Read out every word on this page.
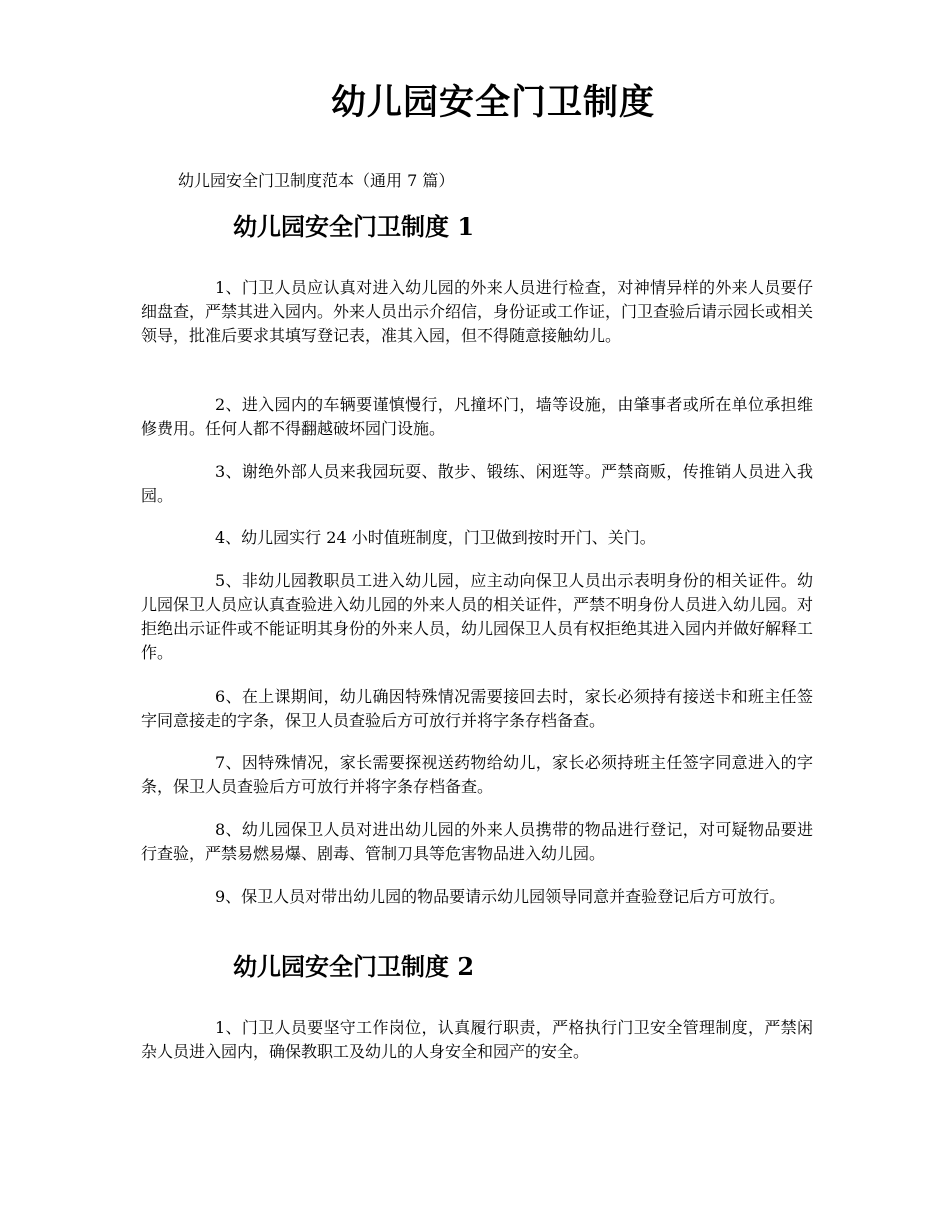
幼儿园安全门卫制度

幼儿园安全门卫制度范本（通用 7 篇）

幼儿园安全门卫制度 1

1、门卫人员应认真对进入幼儿园的外来人员进行检查，对神情异样的外来人员要仔细盘查，严禁其进入园内。外来人员出示介绍信，身份证或工作证，门卫查验后请示园长或相关领导，批准后要求其填写登记表，准其入园，但不得随意接触幼儿。

2、进入园内的车辆要谨慎慢行，凡撞坏门，墙等设施，由肇事者或所在单位承担维修费用。任何人都不得翻越破坏园门设施。

3、谢绝外部人员来我园玩耍、散步、锻练、闲逛等。严禁商贩，传推销人员进入我园。

4、幼儿园实行 24 小时值班制度，门卫做到按时开门、关门。

5、非幼儿园教职员工进入幼儿园，应主动向保卫人员出示表明身份的相关证件。幼儿园保卫人员应认真查验进入幼儿园的外来人员的相关证件，严禁不明身份人员进入幼儿园。对拒绝出示证件或不能证明其身份的外来人员，幼儿园保卫人员有权拒绝其进入园内并做好解释工作。

6、在上课期间，幼儿确因特殊情况需要接回去时，家长必须持有接送卡和班主任签字同意接走的字条，保卫人员查验后方可放行并将字条存档备查。

7、因特殊情况，家长需要探视送药物给幼儿，家长必须持班主任签字同意进入的字条，保卫人员查验后方可放行并将字条存档备查。

8、幼儿园保卫人员对进出幼儿园的外来人员携带的物品进行登记，对可疑物品要进行查验，严禁易燃易爆、剧毒、管制刀具等危害物品进入幼儿园。

9、保卫人员对带出幼儿园的物品要请示幼儿园领导同意并查验登记后方可放行。

幼儿园安全门卫制度 2

1、门卫人员要坚守工作岗位，认真履行职责，严格执行门卫安全管理制度，严禁闲杂人员进入园内，确保教职工及幼儿的人身安全和园产的安全。
